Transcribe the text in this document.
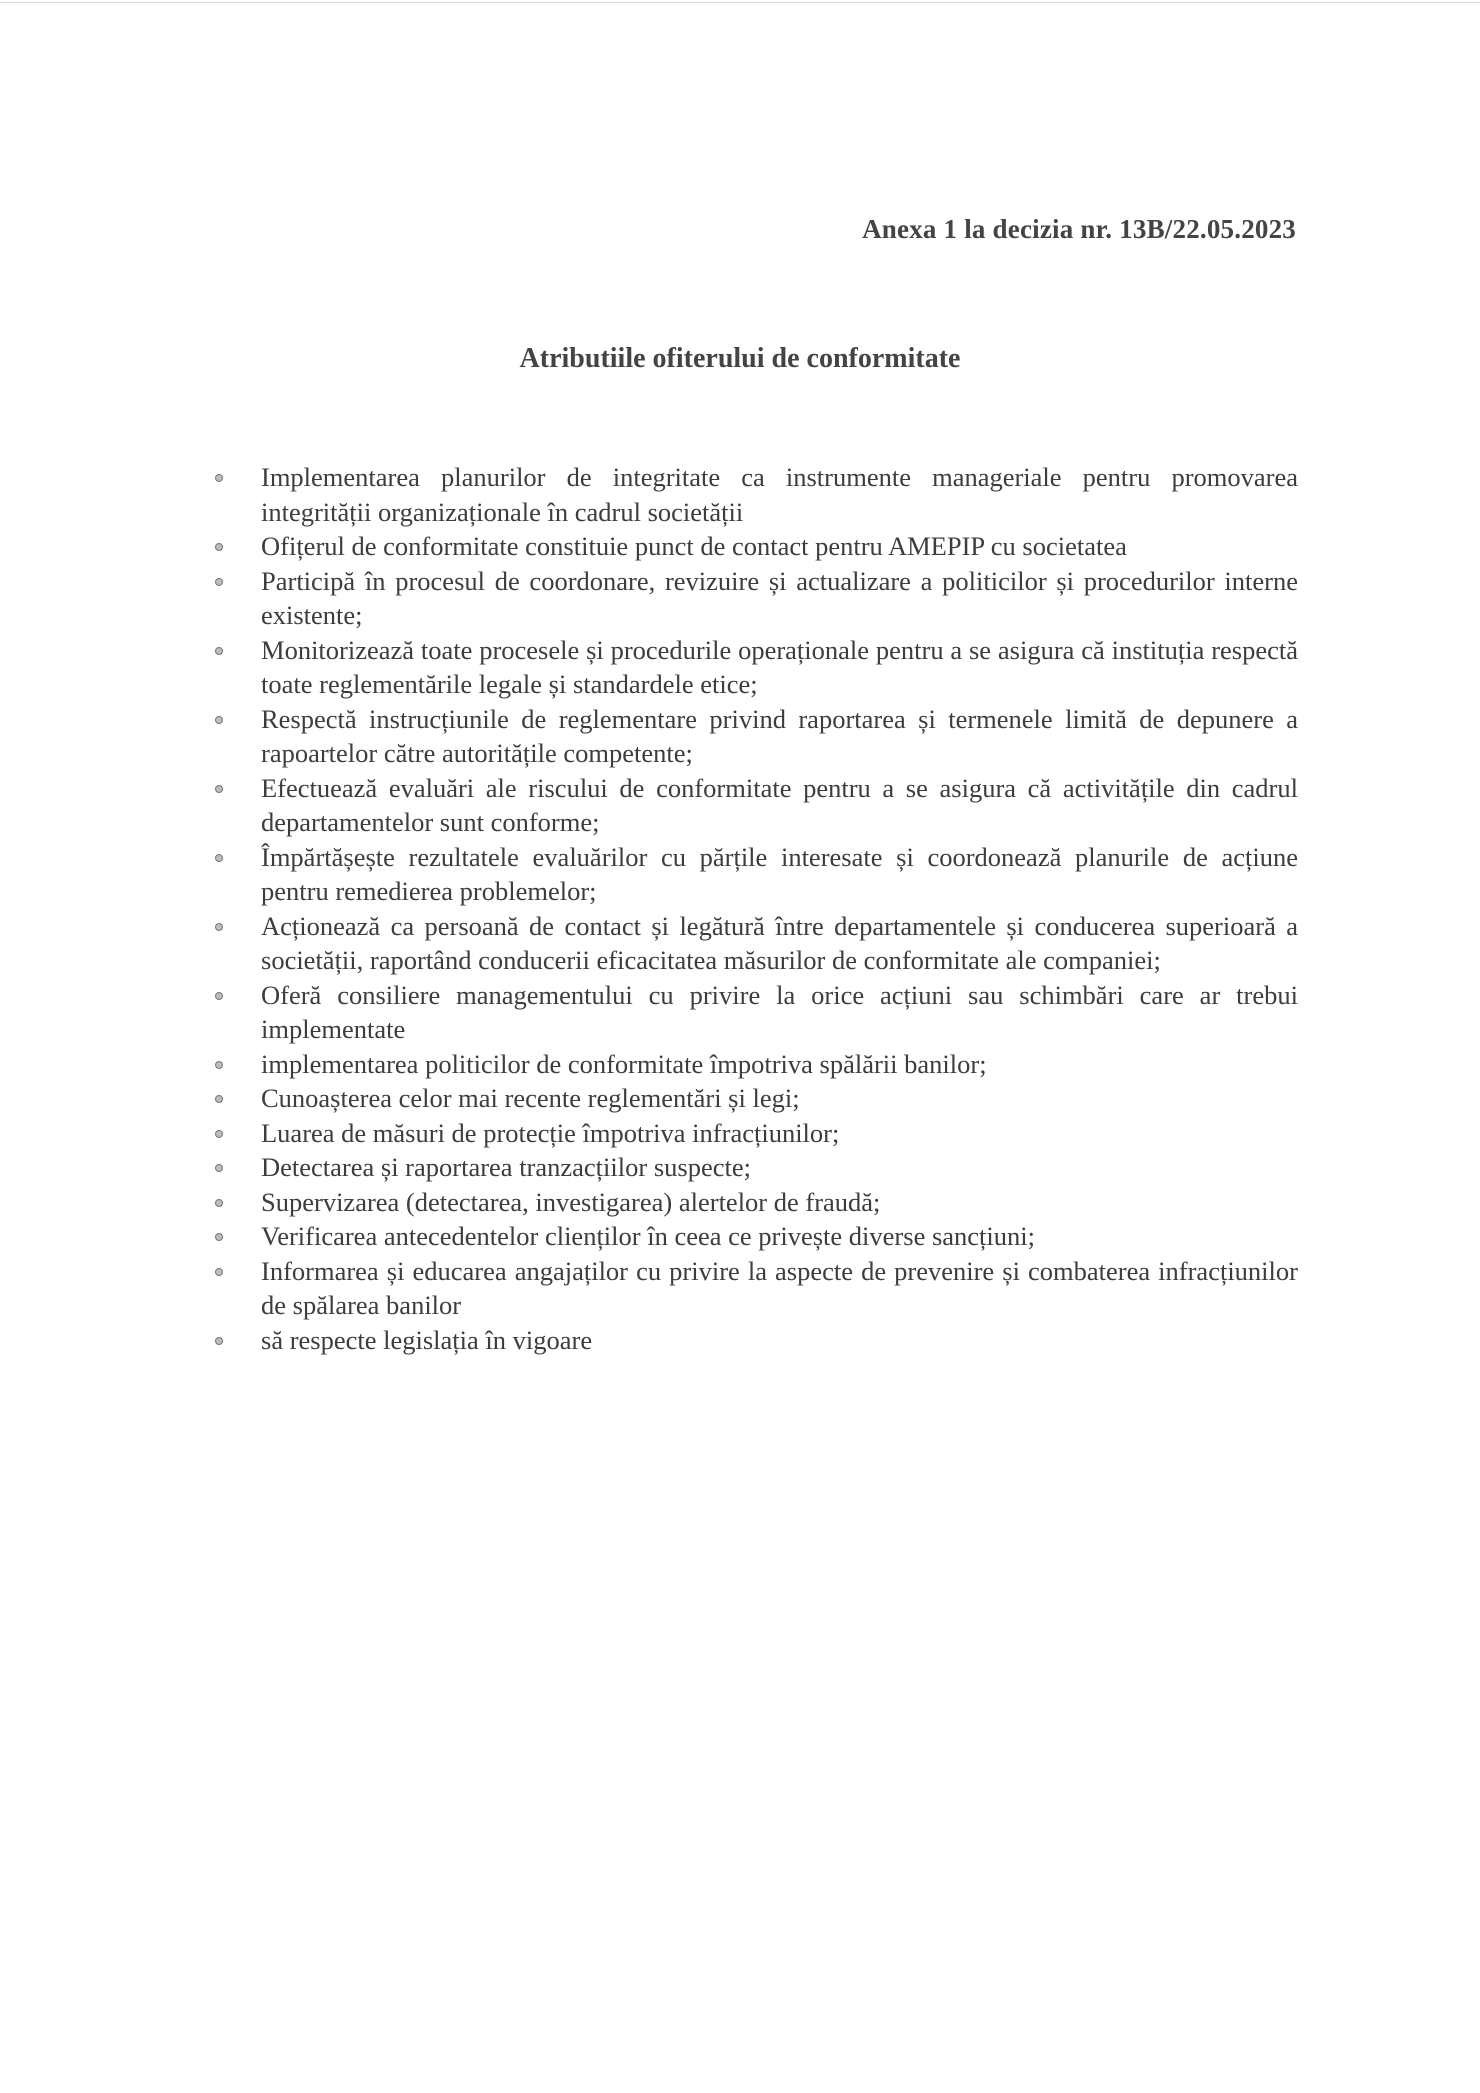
Anexa 1 la decizia nr. 13B/22.05.2023
Atributiile ofiterului de conformitate
Implementarea planurilor de integritate ca instrumente manageriale pentru promovarea integrității organizaționale în cadrul societății
Ofițerul de conformitate constituie punct de contact pentru AMEPIP cu societatea
Participă în procesul de coordonare, revizuire și actualizare a politicilor și procedurilor interne existente;
Monitorizează toate procesele și procedurile operaționale pentru a se asigura că instituția respectă toate reglementările legale și standardele etice;
Respectă instrucțiunile de reglementare privind raportarea și termenele limită de depunere a rapoartelor către autoritățile competente;
Efectuează evaluări ale riscului de conformitate pentru a se asigura că activitățile din cadrul departamentelor sunt conforme;
Împărtășește rezultatele evaluărilor cu părțile interesate și coordonează planurile de acțiune pentru remedierea problemelor;
Acționează ca persoană de contact și legătură între departamentele și conducerea superioară a societății, raportând conducerii eficacitatea măsurilor de conformitate ale companiei;
Oferă consiliere managementului cu privire la orice acțiuni sau schimbări care ar trebui implementate
implementarea politicilor de conformitate împotriva spălării banilor;
Cunoașterea celor mai recente reglementări și legi;
Luarea de măsuri de protecție împotriva infracțiunilor;
Detectarea și raportarea tranzacțiilor suspecte;
Supervizarea (detectarea, investigarea) alertelor de fraudă;
Verificarea antecedentelor clienților în ceea ce privește diverse sancțiuni;
Informarea și educarea angajaților cu privire la aspecte de prevenire și combaterea infracțiunilor de spălarea banilor
să respecte legislația în vigoare
